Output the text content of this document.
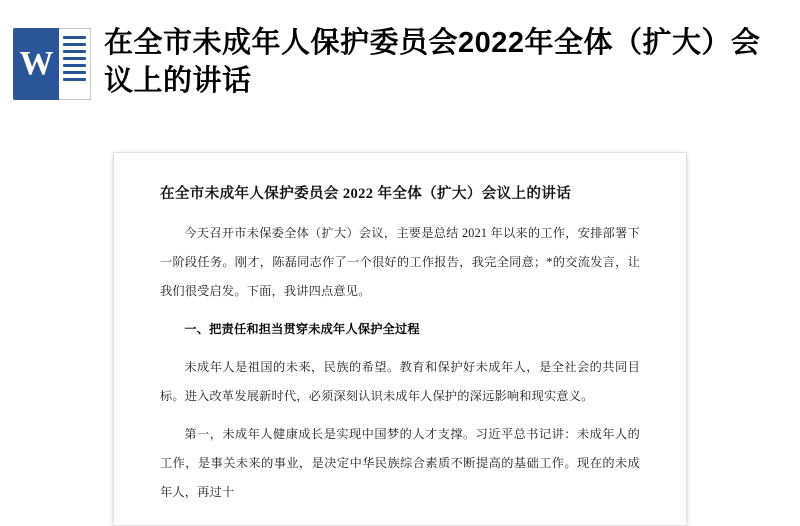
W
在全市未成年人保护委员会2022年全体（扩大）会议上的讲话
在全市未成年人保护委员会 2022 年全体（扩大）会议上的讲话

今天召开市未保委全体（扩大）会议，主要是总结 2021 年以来的工作，安排部署下一阶段任务。刚才，陈磊同志作了一个很好的工作报告，我完全同意；*的交流发言，让我们很受启发。下面，我讲四点意见。

一、把责任和担当贯穿未成年人保护全过程

未成年人是祖国的未来，民族的希望。教育和保护好未成年人，是全社会的共同目标。进入改革发展新时代，必须深刻认识未成年人保护的深远影响和现实意义。

第一，未成年人健康成长是实现中国梦的人才支撑。习近平总书记讲：未成年人的工作，是事关未来的事业，是决定中华民族综合素质不断提高的基础工作。现在的未成年人，再过十
